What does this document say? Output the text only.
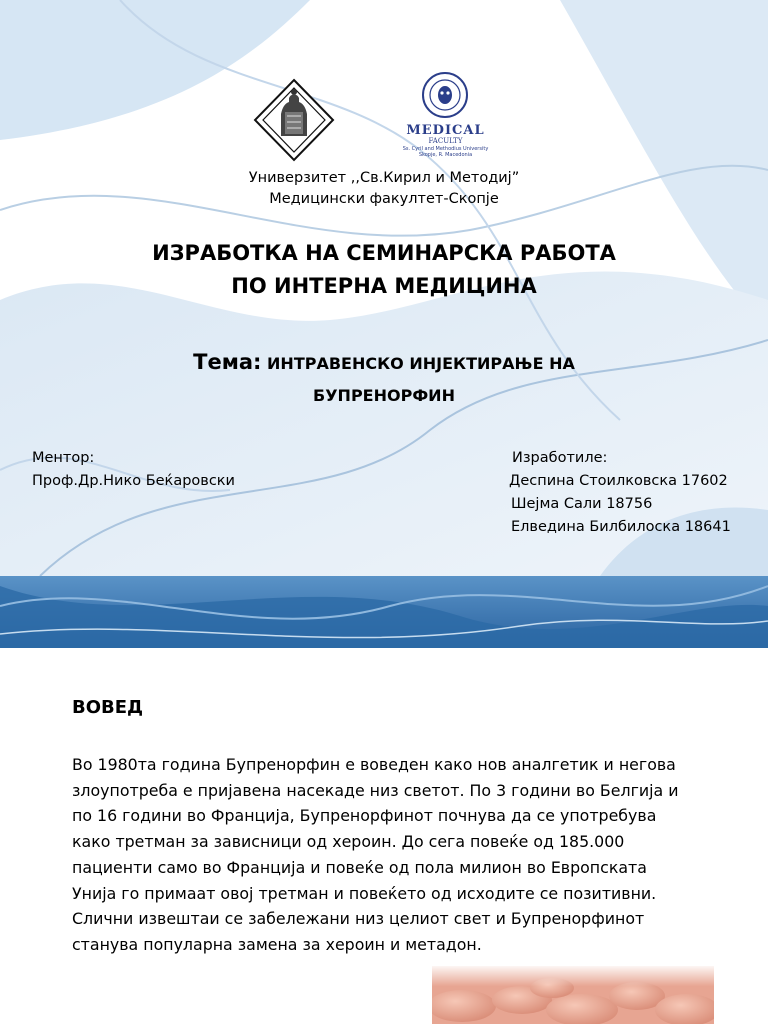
MEDICAL
FACULTY
Ss. Cyril and Methodius University
Skopje, R. Macedonia
Универзитет ,,Св.Кирил и Методиј”
Медицински факултет-Скопје
ИЗРАБОТКА НА СЕМИНАРСКА РАБОТА
ПО ИНТЕРНА МЕДИЦИНА
Тема: ИНТРАВЕНСКО ИНЈЕКТИРАЊЕ НА
БУПРЕНОРФИН
Ментор:
Проф.Др.Нико Беќаровски
Изработиле:
Деспина Стоилковска 17602
Шејма Сали 18756
Елведина Билбилоска 18641
ВОВЕД
Во 1980та година Бупренорфин е воведен како нов аналгетик и негова
злоупотреба е пријавена насекаде низ светот. По 3 години во Белгија и
по 16 години во Франција, Бупренорфинот почнува да се употребува
како третман за зависници од хероин. До сега повеќе од 185.000
пациенти само во Франција и повеќе од пола милион во Европската
Унија го примаат овој третман и повеќето од исходите се позитивни.
Слични извештаи се забележани низ целиот свет и Бупренорфинот
станува популарна замена за хероин и метадон.
